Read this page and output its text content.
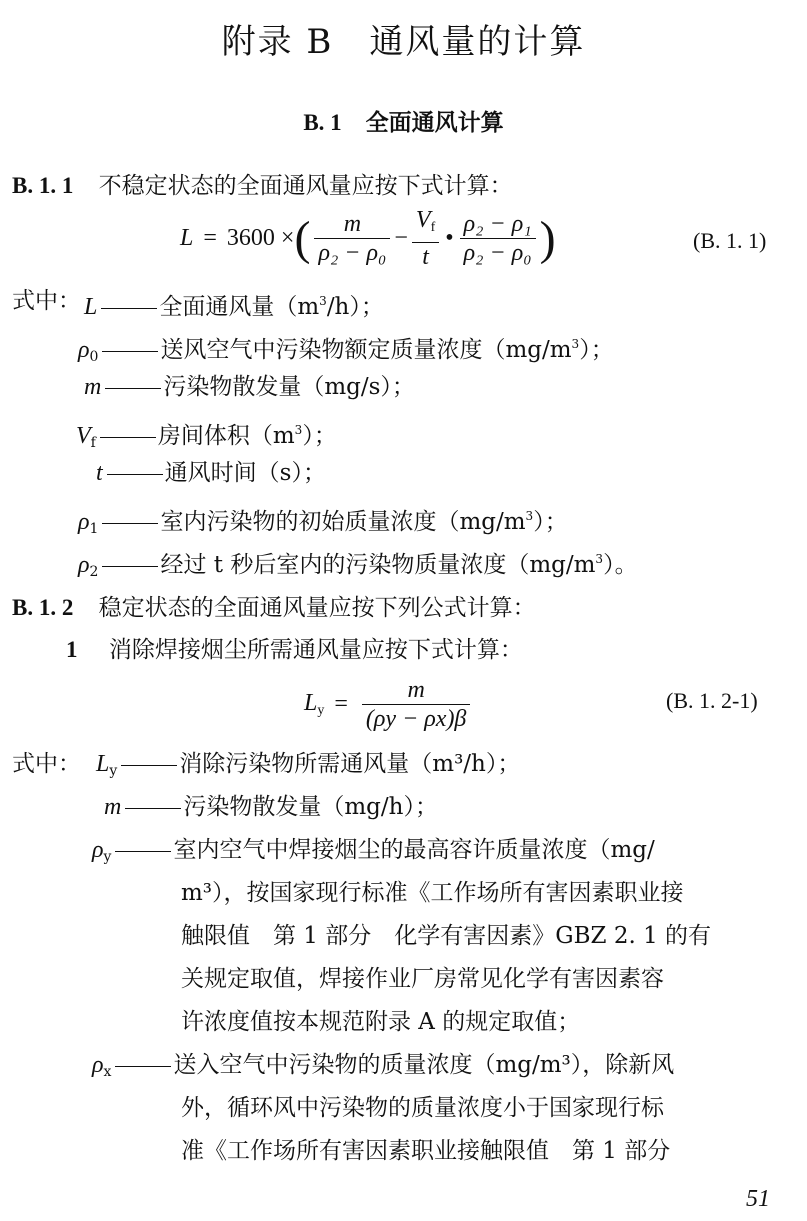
附录 B　通风量的计算
B. 1 全面通风计算
B. 1. 1 不稳定状态的全面通风量应按下式计算：
L = 3600 × ( $\frac{m}{\text{ρ₂ − ρ₀}} - \frac{V_f}{t}$ • $\frac{\text{ρ₂ − ρ₁}}{\text{ρ₂ − ρ₀}}$ )	(B. 1. 1)
式中： L	全面通风量$(m^3/h)$；
$\rho_0$	送风空气中污染物额定质量浓度$(mg/m^3)$；
m	污染物散发量（mg/s）；
$V_f$	房间体积$(m^3)$；
t	通风时间（s）；
$\rho_1$	室内污染物的初始质量浓度$(mg/m^3)$；
$\rho_2$	经过 t 秒后室内的污染物质量浓度$(mg/m^3)$。
B. 1. 2 稳定状态的全面通风量应按下列公式计算：
1 消除焊接烟尘所需通风量应按下式计算：
$L_y = \frac{m}{(\rho y - \rho x)\beta}$	(B. 1. 2-1)
式中： $L_y$	消除污染物所需通风量（m³/h）；
m	污染物散发量（mg/h）；
$\rho_y$	室内空气中焊接烟尘的最高容许质量浓度（mg/
m³），按国家现行标准《工作场所有害因素职业接
触限值　第 1 部分　化学有害因素》GBZ 2. 1 的有
关规定取值，焊接作业厂房常见化学有害因素容
许浓度值按本规范附录 A 的规定取值；
$\rho_x$	送入空气中污染物的质量浓度（mg/m³），除新风
外，循环风中污染物的质量浓度小于国家现行标
准《工作场所有害因素职业接触限值　第 1 部分
51
